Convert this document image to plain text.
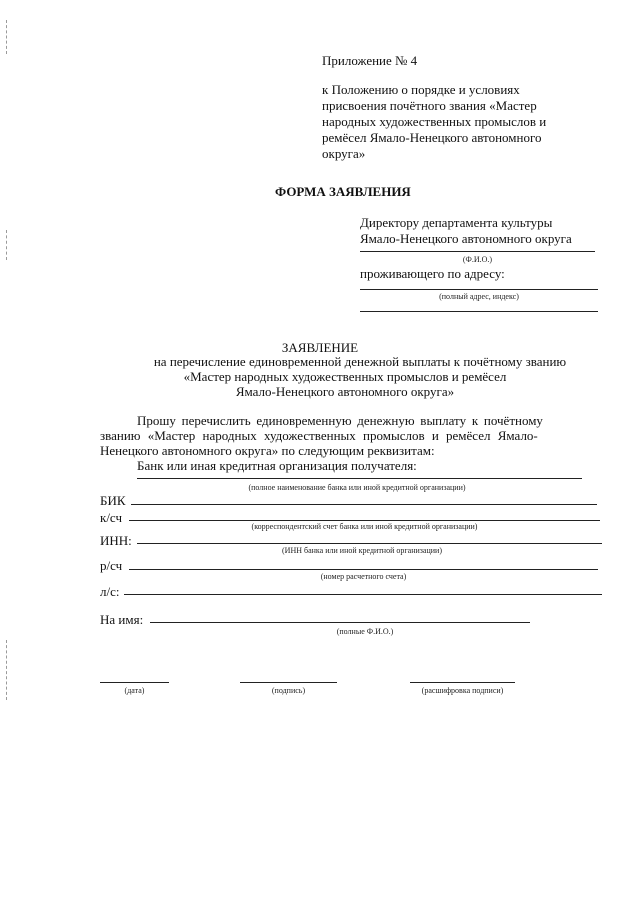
Приложение № 4
к Положению о порядке и условиях
присвоения почётного звания «Мастер
народных художественных промыслов и
ремёсел Ямало-Ненецкого автономного
округа»
ФОРМА ЗАЯВЛЕНИЯ
Директору департамента культуры
Ямало-Ненецкого автономного округа
(Ф.И.О.)
проживающего по адресу:
(полный адрес, индекс)
ЗАЯВЛЕНИЕ
на перечисление единовременной денежной выплаты к почётному званию
«Мастер народных художественных промыслов и ремёсел
Ямало-Ненецкого автономного округа»
Прошу перечислить единовременную денежную выплату к почётному
званию «Мастер народных художественных промыслов и ремёсел Ямало-
Ненецкого автономного округа» по следующим реквизитам:
Банк или иная кредитная организация получателя:
(полное наименование банка или иной кредитной организации)
БИК
к/сч
(корреспондентский счет банка или иной кредитной организации)
ИНН:
(ИНН банка или иной кредитной организации)
р/сч
(номер расчетного счета)
л/с:
На имя:
(полные Ф.И.О.)
(дата)	(подпись)	(расшифровка подписи)
